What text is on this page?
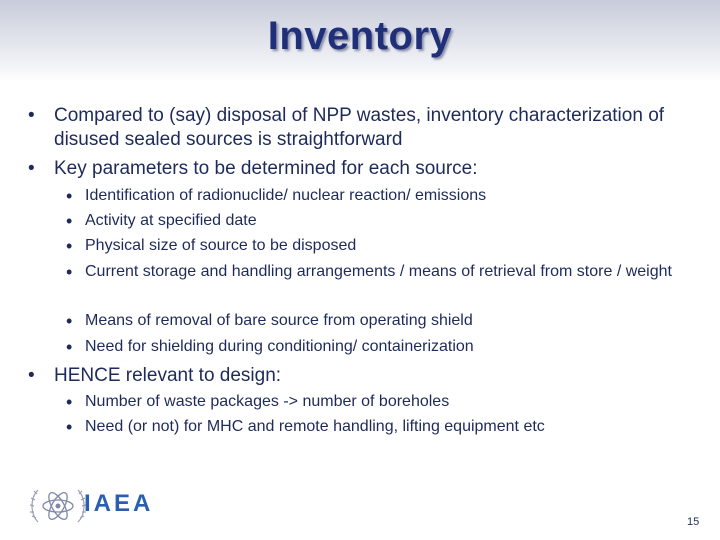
Inventory
• Compared to (say) disposal of NPP wastes, inventory characterization of disused sealed sources is straightforward
• Key parameters to be determined for each source:
• Identification of radionuclide/ nuclear reaction/ emissions
• Activity at specified date
• Physical size of source to be disposed
• Current storage and handling arrangements / means of retrieval from store / weight
• Means of removal of bare source from operating shield
• Need for shielding during conditioning/ containerization
• HENCE relevant to design:
• Number of waste packages -> number of boreholes
• Need (or not) for MHC and remote handling, lifting equipment etc
IAEA
15
